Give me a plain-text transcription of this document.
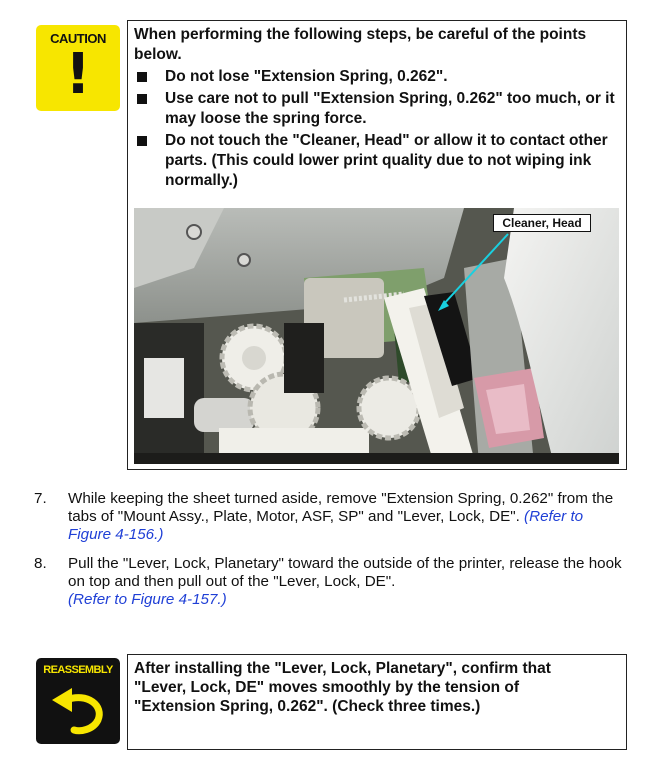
CAUTION
!
When performing the following steps, be careful of the points below.
Do not lose "Extension Spring, 0.262".
Use care not to pull "Extension Spring, 0.262" too much, or it may loose the spring force.
Do not touch the "Cleaner, Head" or allow it to contact other parts. (This could lower print quality due to not wiping ink normally.)
Cleaner, Head
7. While keeping the sheet turned aside, remove "Extension Spring, 0.262" from the tabs of "Mount Assy., Plate, Motor, ASF, SP" and "Lever, Lock, DE". (Refer to Figure 4-156.)
8. Pull the "Lever, Lock, Planetary" toward the outside of the printer, release the hook on top and then pull out of the "Lever, Lock, DE".
(Refer to Figure 4-157.)
REASSEMBLY	After installing the "Lever, Lock, Planetary", confirm that "Lever, Lock, DE" moves smoothly by the tension of "Extension Spring, 0.262". (Check three times.)
